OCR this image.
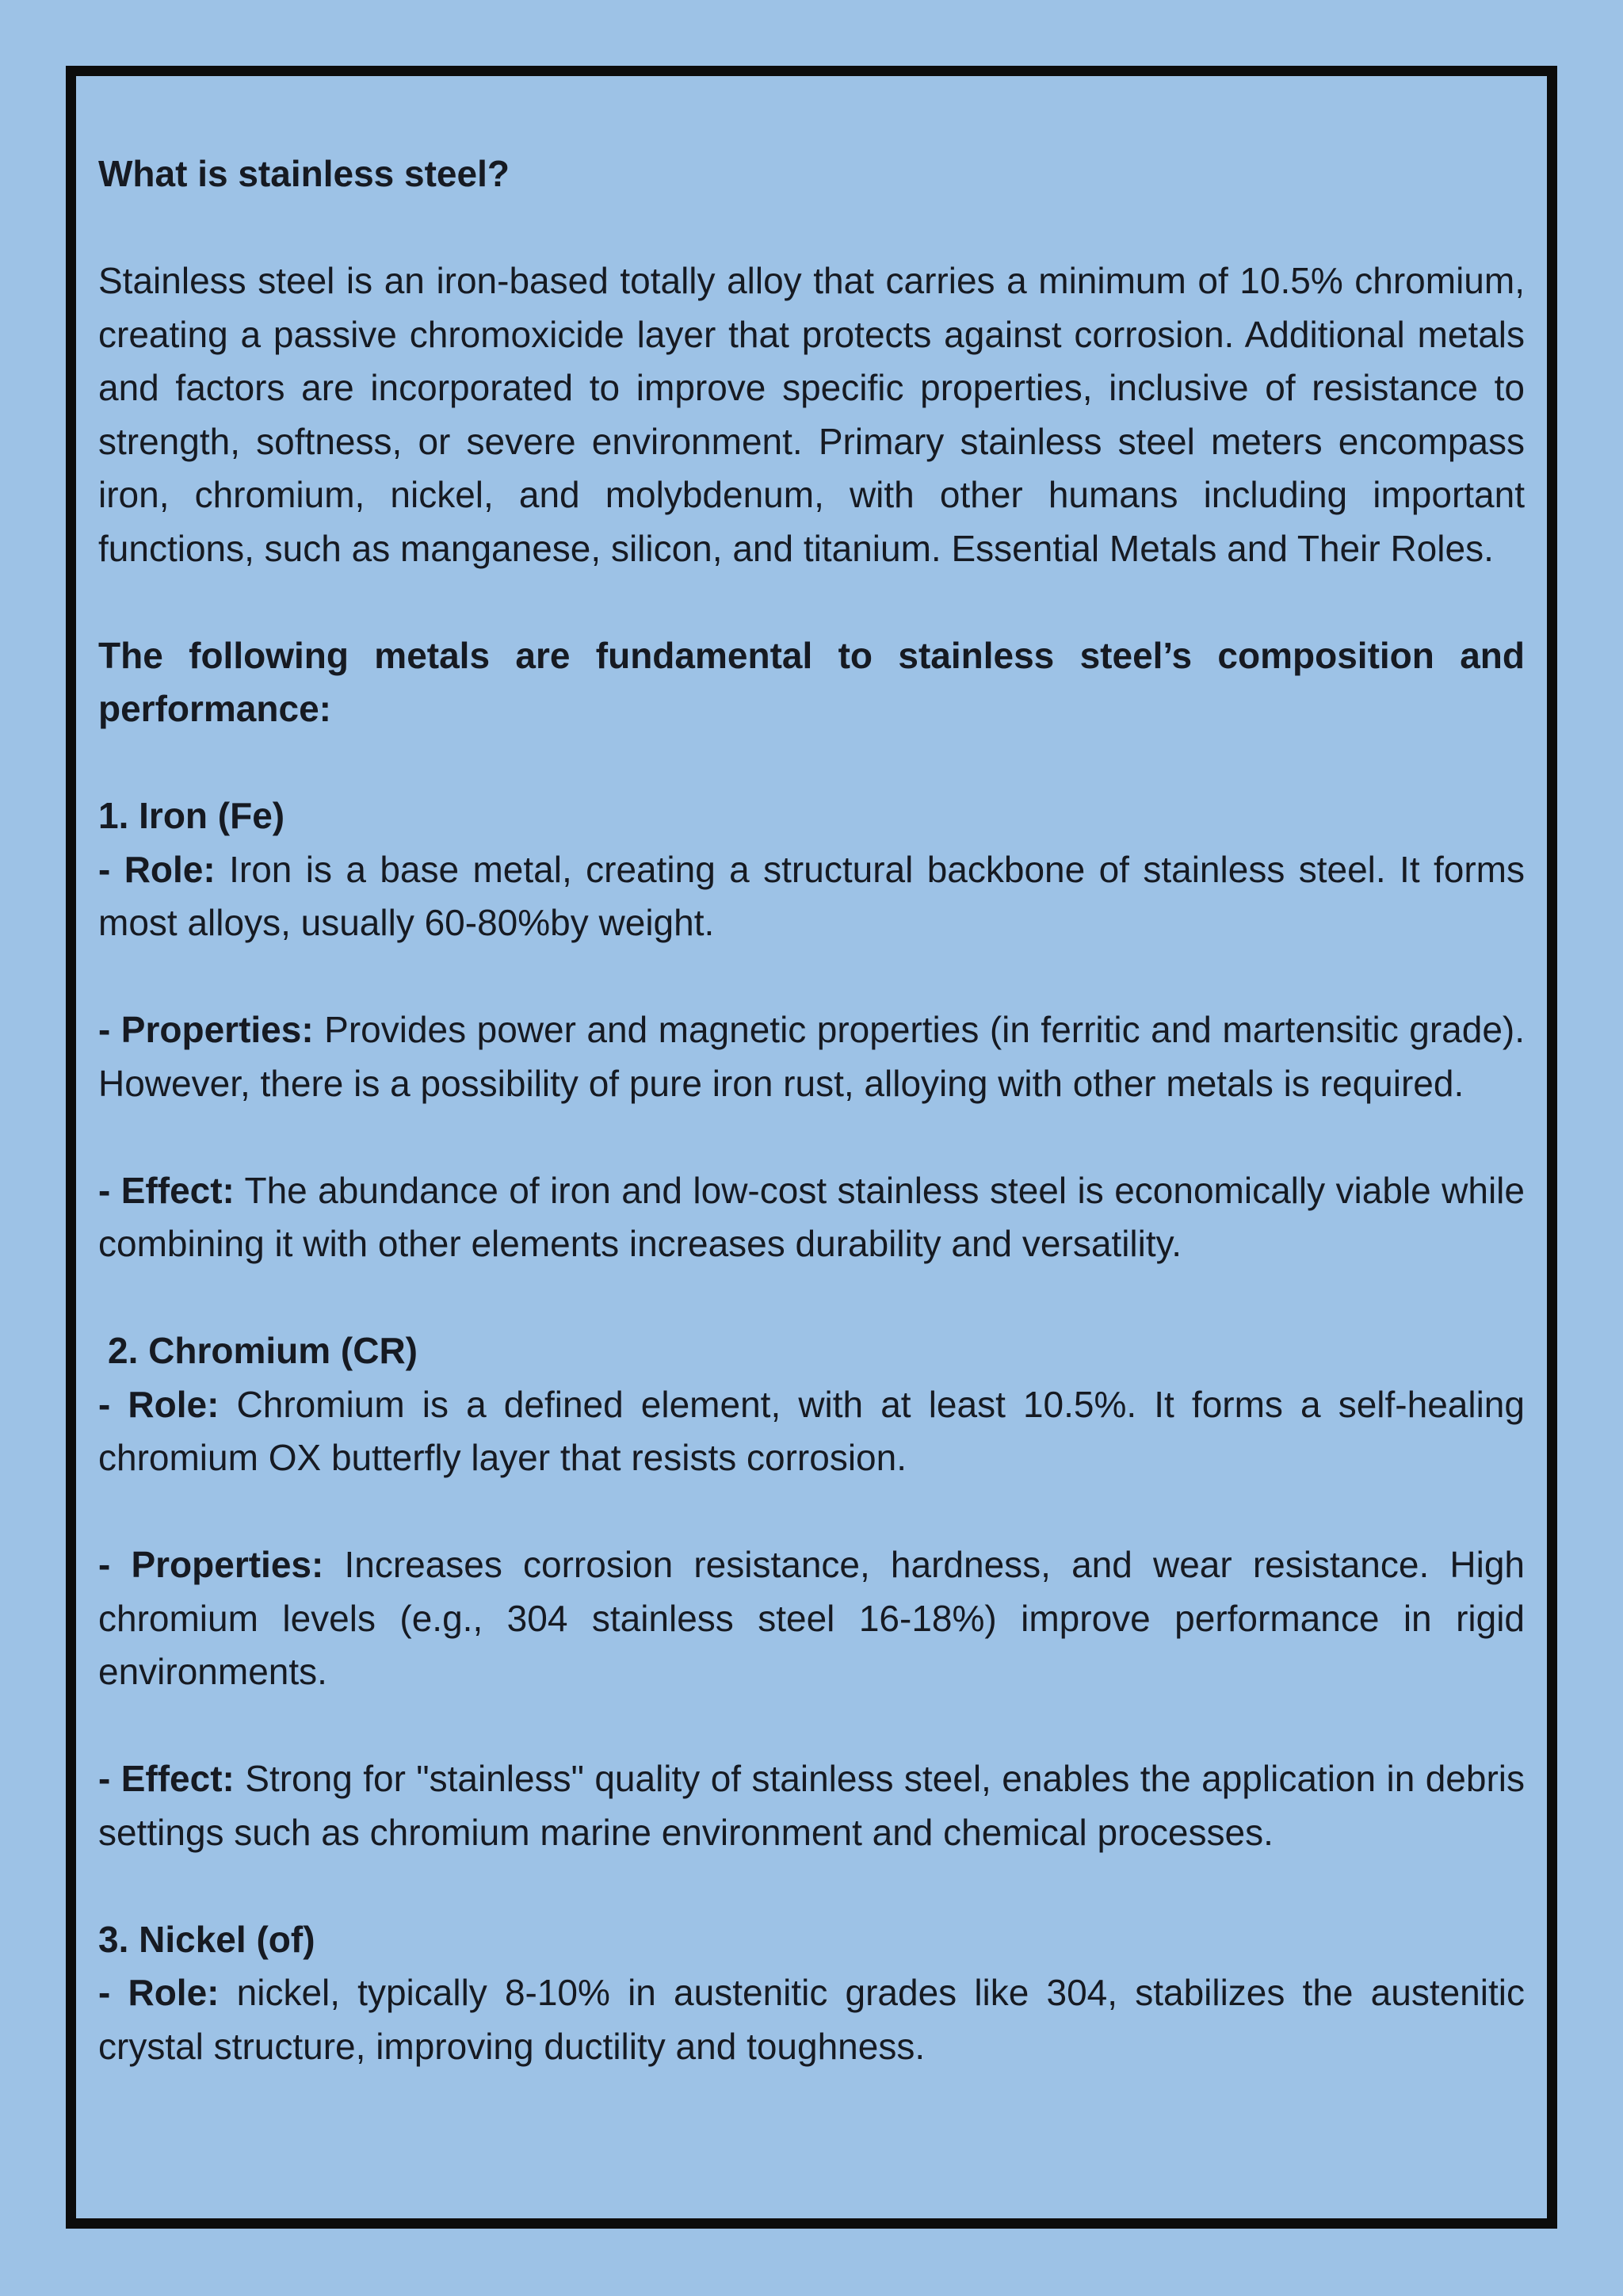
What is stainless steel?

Stainless steel is an iron-based totally alloy that carries a minimum of 10.5% chromium, creating a passive chromoxicide layer that protects against corrosion. Additional metals and factors are incorporated to improve specific properties, inclusive of resistance to strength, softness, or severe environment. Primary stainless steel meters encompass iron, chromium, nickel, and molybdenum, with other humans including important functions, such as manganese, silicon, and titanium. Essential Metals and Their Roles.

The following metals are fundamental to stainless steel’s composition and performance:

1. Iron (Fe)

- Role: Iron is a base metal, creating a structural backbone of stainless steel. It forms most alloys, usually 60-80%by weight.

- Properties: Provides power and magnetic properties (in ferritic and martensitic grade). However, there is a possibility of pure iron rust, alloying with other metals is required.

- Effect: The abundance of iron and low-cost stainless steel is economically viable while combining it with other elements increases durability and versatility.

2. Chromium (CR)

- Role: Chromium is a defined element, with at least 10.5%. It forms a self-healing chromium OX butterfly layer that resists corrosion.

- Properties: Increases corrosion resistance, hardness, and wear resistance. High chromium levels (e.g., 304 stainless steel 16-18%) improve performance in rigid environments.

- Effect: Strong for "stainless" quality of stainless steel, enables the application in debris settings such as chromium marine environment and chemical processes.

3. Nickel (of)

- Role: nickel, typically 8-10% in austenitic grades like 304, stabilizes the austenitic crystal structure, improving ductility and toughness.
